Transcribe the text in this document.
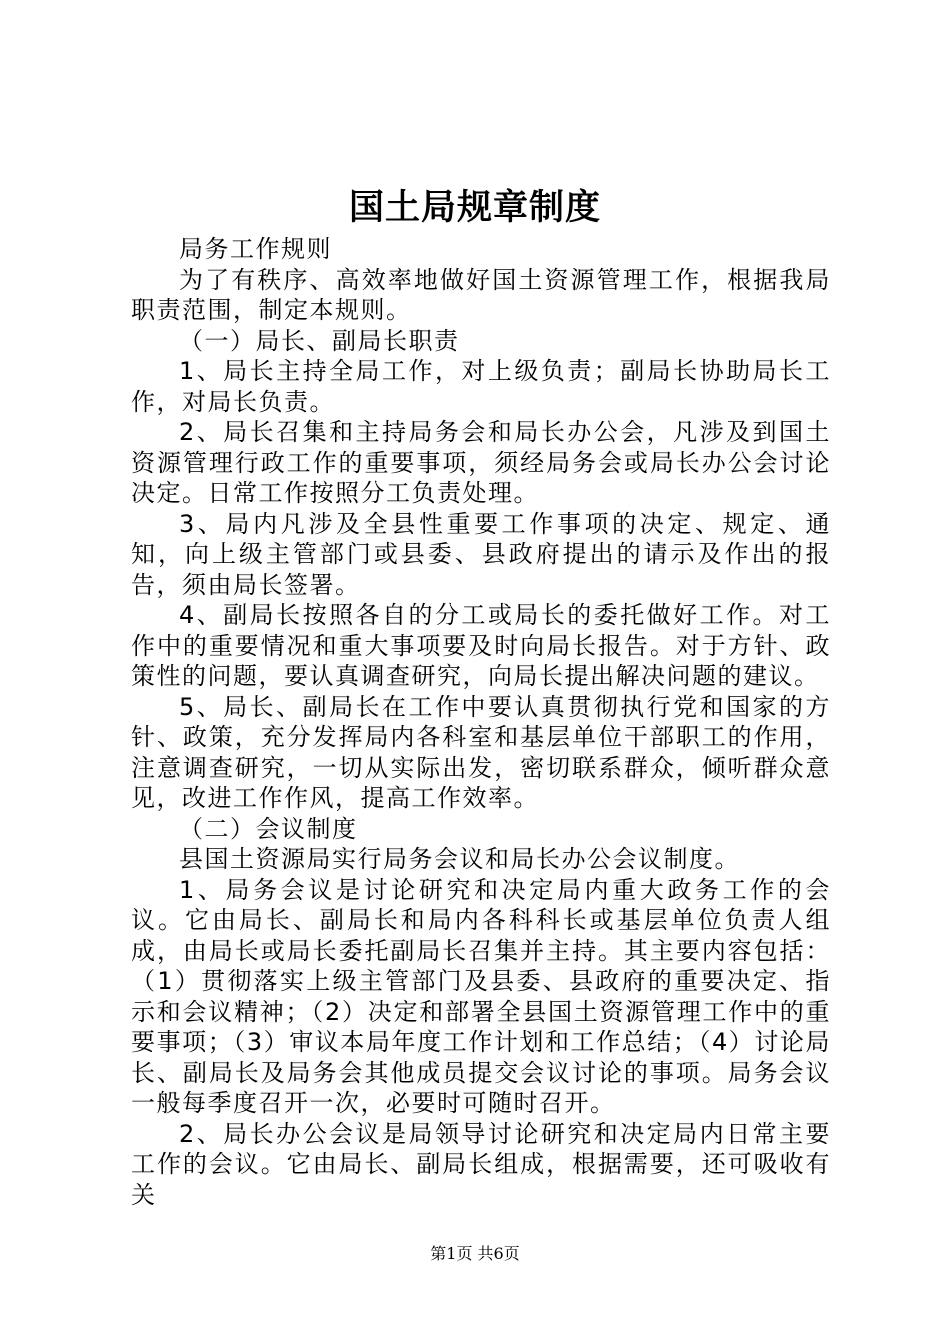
国土局规章制度

局务工作规则

为了有秩序、高效率地做好国土资源管理工作，根据我局职责范围，制定本规则。

（一）局长、副局长职责

1、局长主持全局工作，对上级负责；副局长协助局长工作，对局长负责。

2、局长召集和主持局务会和局长办公会，凡涉及到国土资源管理行政工作的重要事项，须经局务会或局长办公会讨论决定。日常工作按照分工负责处理。

3、局内凡涉及全县性重要工作事项的决定、规定、通知，向上级主管部门或县委、县政府提出的请示及作出的报告，须由局长签署。

4、副局长按照各自的分工或局长的委托做好工作。对工作中的重要情况和重大事项要及时向局长报告。对于方针、政策性的问题，要认真调查研究，向局长提出解决问题的建议。

5、局长、副局长在工作中要认真贯彻执行党和国家的方针、政策，充分发挥局内各科室和基层单位干部职工的作用，注意调查研究，一切从实际出发，密切联系群众，倾听群众意见，改进工作作风，提高工作效率。

（二）会议制度

县国土资源局实行局务会议和局长办公会议制度。

1、局务会议是讨论研究和决定局内重大政务工作的会议。它由局长、副局长和局内各科科长或基层单位负责人组成，由局长或局长委托副局长召集并主持。其主要内容包括：（1）贯彻落实上级主管部门及县委、县政府的重要决定、指示和会议精神；（2）决定和部署全县国土资源管理工作中的重要事项；（3）审议本局年度工作计划和工作总结；（4）讨论局长、副局长及局务会其他成员提交会议讨论的事项。局务会议一般每季度召开一次，必要时可随时召开。

2、局长办公会议是局领导讨论研究和决定局内日常主要工作的会议。它由局长、副局长组成，根据需要，还可吸收有关

第1页 共6页
